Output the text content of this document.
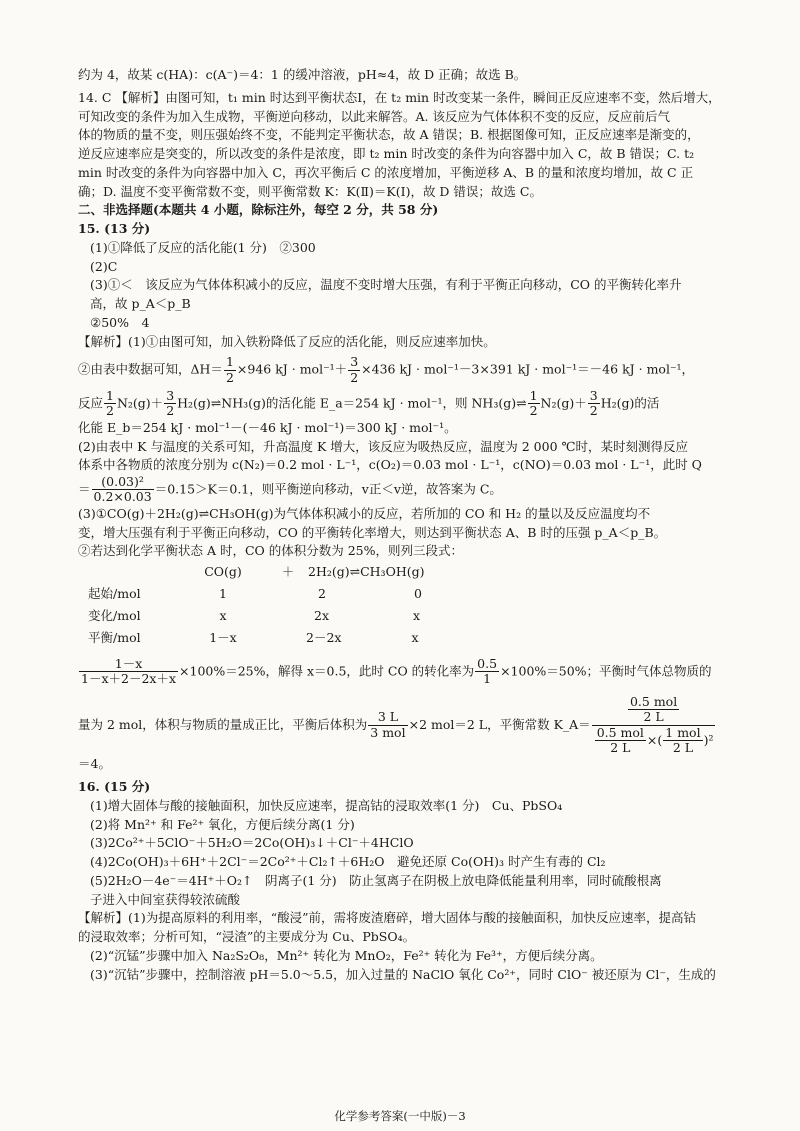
约为 4，故某 c(HA)：c(A⁻)＝4：1 的缓冲溶液，pH≈4，故 D 正确；故选 B。

14. C 【解析】由图可知，t₁ min 时达到平衡状态Ⅰ，在 t₂ min 时改变某一条件，瞬间正反应速率不变，然后增大，

可知改变的条件为加入生成物，平衡逆向移动，以此来解答。A. 该反应为气体体积不变的反应，反应前后气

体的物质的量不变，则压强始终不变，不能判定平衡状态，故 A 错误；B. 根据图像可知，正反应速率是渐变的，

逆反应速率应是突变的，所以改变的条件是浓度，即 t₂ min 时改变的条件为向容器中加入 C，故 B 错误；C. t₂

min 时改变的条件为向容器中加入 C，再次平衡后 C 的浓度增加，平衡逆移 A、B 的量和浓度均增加，故 C 正

确；D. 温度不变平衡常数不变，则平衡常数 K：K(Ⅱ)＝K(Ⅰ)，故 D 错误；故选 C。

二、非选择题(本题共 4 小题，除标注外，每空 2 分，共 58 分)

15. (13 分)

(1)①降低了反应的活化能(1 分)　②300

(2)C

(3)①＜　该反应为气体体积减小的反应，温度不变时增大压强，有利于平衡正向移动，CO 的平衡转化率升

高，故 p_A＜p_B

②50%　4

【解析】(1)①由图可知，加入铁粉降低了反应的活化能，则反应速率加快。

②由表中数据可知，$\Delta H= \frac{1}{2} \times 946$ kJ · $mol^{-1}+ \frac{3}{2} \times 436$ kJ · mol⁻¹－3×391 kJ · mol⁻¹＝－46 kJ · mol⁻¹，

反应 $\frac{1}{2} N_2(g)+ \frac{3}{2}$ H₂(g)⇌NH₃(g)的活化能 E_a＝254 kJ · mol⁻¹，则 NH₃(g)⇌ $\frac{1}{2} N_2(g)+ \frac{3}{2} H_2(g)$的活

化能 E_b＝254 kJ · mol⁻¹－(－46 kJ · mol⁻¹)＝300 kJ · mol⁻¹。

(2)由表中 K 与温度的关系可知，升高温度 K 增大，该反应为吸热反应，温度为 2 000 ℃时，某时刻测得反应

体系中各物质的浓度分别为 c(N₂)＝0.2 mol · L⁻¹，c(O₂)＝0.03 mol · L⁻¹，c(NO)＝0.03 mol · L⁻¹，此时 Q

＝ $\frac{\text{(0.03)²}}{0.2\times 0.03} =0.15>K=0.1$，则平衡逆向移动，v正＜v逆，故答案为 C。

(3)①CO(g)＋2H₂(g)⇌CH₃OH(g)为气体体积减小的反应，若所加的 CO 和 H₂ 的量以及反应温度均不

变，增大压强有利于平衡正向移动，CO 的平衡转化率增大，则达到平衡状态 A、B 时的压强 p_A＜p_B。

②若达到化学平衡状态 A 时，CO 的体积分数为 25%，则列三段式：

	CO(g)	＋	2H₂(g)⇌CH₃OH(g)
起始/mol	1	2 0	
变化/mol	x	2x x	
平衡/mol	1－x	2－2x x	

$\frac{1-x}{1-x+2-2x+x} \times 100\%=25\%$，解得 x＝0.5，此时 CO 的转化率为 $\frac{0.5}{1} \times 100\%=50\%$；平衡时气体总物质的

量为 2 mol，体积与物质的量成正比，平衡后体积为 $\frac{3 L}{\text{3 mol}} \times 2$ mol＝2 L，平衡常数 K_A＝ $\frac{\frac{\text{0.5 mol}}{2 L}}{\frac{\text{0.5 mol}}{2 L} \times( \frac{\text{1 mol}}{2 L} )^2}$

＝4。

16. (15 分)

(1)增大固体与酸的接触面积，加快反应速率，提高钴的浸取效率(1 分)　Cu、PbSO₄

(2)将 Mn²⁺ 和 Fe²⁺ 氧化，方便后续分离(1 分)

(3)2Co²⁺＋5ClO⁻＋5H₂O＝2Co(OH)₃↓＋Cl⁻＋4HClO

(4)2Co(OH)₃＋6H⁺＋2Cl⁻＝2Co²⁺＋Cl₂↑＋6H₂O　避免还原 Co(OH)₃ 时产生有毒的 Cl₂

(5)2H₂O－4e⁻＝4H⁺＋O₂↑　阴离子(1 分)　防止氢离子在阴极上放电降低能量利用率，同时硫酸根离

子进入中间室获得较浓硫酸

【解析】(1)为提高原料的利用率，“酸浸”前，需将废渣磨碎，增大固体与酸的接触面积，加快反应速率，提高钴

的浸取效率；分析可知，“浸渣”的主要成分为 Cu、PbSO₄。

(2)“沉锰”步骤中加入 Na₂S₂O₈，Mn²⁺ 转化为 MnO₂，Fe²⁺ 转化为 Fe³⁺，方便后续分离。

(3)“沉钴”步骤中，控制溶液 pH＝5.0～5.5，加入过量的 NaClO 氧化 Co²⁺，同时 ClO⁻ 被还原为 Cl⁻，生成的

化学参考答案(一中版)－3
